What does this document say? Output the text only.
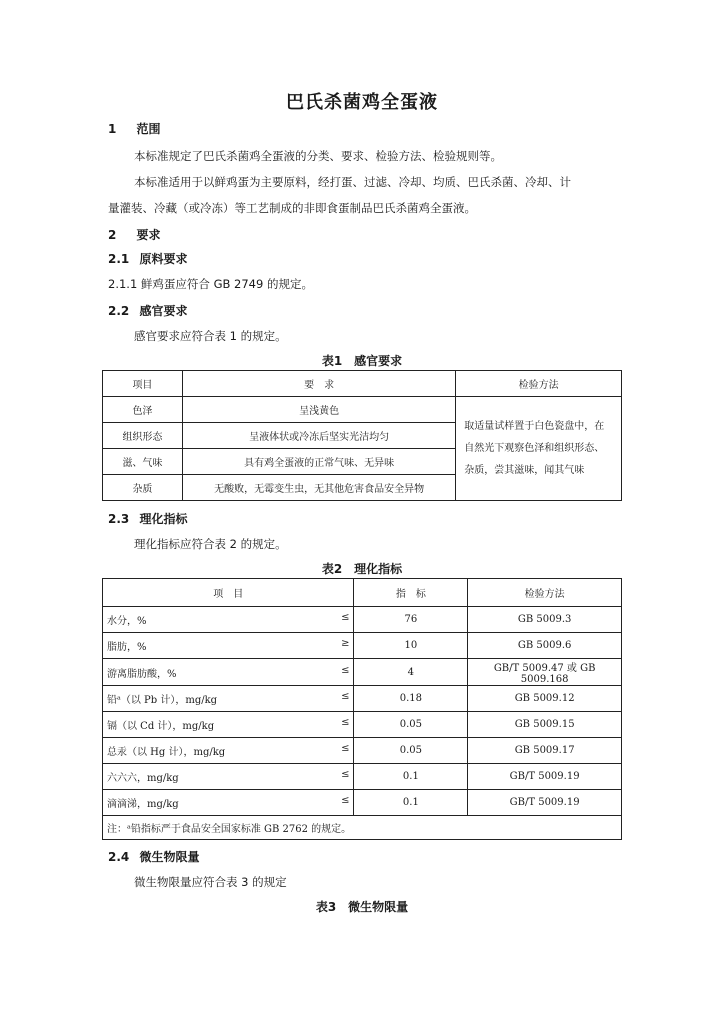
巴氏杀菌鸡全蛋液
1 范围
本标准规定了巴氏杀菌鸡全蛋液的分类、要求、检验方法、检验规则等。
本标准适用于以鲜鸡蛋为主要原料，经打蛋、过滤、冷却、均质、巴氏杀菌、冷却、计
量灌装、冷藏（或冷冻）等工艺制成的非即食蛋制品巴氏杀菌鸡全蛋液。
2 要求
2.1 原料要求
2.1.1 鲜鸡蛋应符合 GB 2749 的规定。
2.2 感官要求
感官要求应符合表 1 的规定。
表1　感官要求
项目	要　求	检验方法
色泽	呈浅黄色	取适量试样置于白色瓷盘中，在
自然光下观察色泽和组织形态、
杂质，尝其滋味，闻其气味

组织形态	呈液体状或冷冻后坚实光洁均匀	
滋、气味	具有鸡全蛋液的正常气味、无异味	
杂质	无酸败，无霉变生虫，无其他危害食品安全异物	
2.3 理化指标
理化指标应符合表 2 的规定。
表2　理化指标
项　目	指　标	检验方法

水分，% ≤	76	GB 5009.3

脂肪，% ≥	10	GB 5009.6

游离脂肪酸，% ≤	4	GB/T 5009.47 或 GB 5009.168

铅ᵃ（以 Pb 计），mg/kg ≤	0.18	GB 5009.12

镉（以 Cd 计），mg/kg ≤	0.05	GB 5009.15

总汞（以 Hg 计），mg/kg ≤	0.05	GB 5009.17

六六六，mg/kg ≤	0.1	GB/T 5009.19

滴滴涕，mg/kg ≤	0.1	GB/T 5009.19
注：ᵃ铅指标严于食品安全国家标准 GB 2762 的规定。		
2.4 微生物限量
微生物限量应符合表 3 的规定
表3　微生物限量
